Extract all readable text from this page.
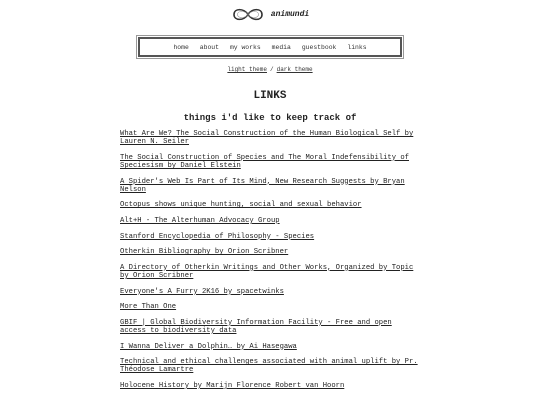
animundi
home about my works media guestbook links
light theme / dark theme
LINKS
things i'd like to keep track of
What Are We? The Social Construction of the Human Biological Self by Lauren N. Seiler
The Social Construction of Species and The Moral Indefensibility of Speciesism by Daniel Elstein
A Spider's Web Is Part of Its Mind, New Research Suggests by Bryan Nelson
Octopus shows unique hunting, social and sexual behavior
Alt+H - The Alterhuman Advocacy Group
Stanford Encyclopedia of Philosophy - Species
Otherkin Bibliography by Orion Scribner
A Directory of Otherkin Writings and Other Works, Organized by Topic by Orion Scribner
Everyone's A Furry 2K16 by spacetwinks
More Than One
GBIF | Global Biodiversity Information Facility - Free and open access to biodiversity data
I Wanna Deliver a Dolphin… by Ai Hasegawa
Technical and ethical challenges associated with animal uplift by Pr. Théodose Lamartre
Holocene History by Marijn Florence Robert van Hoorn
